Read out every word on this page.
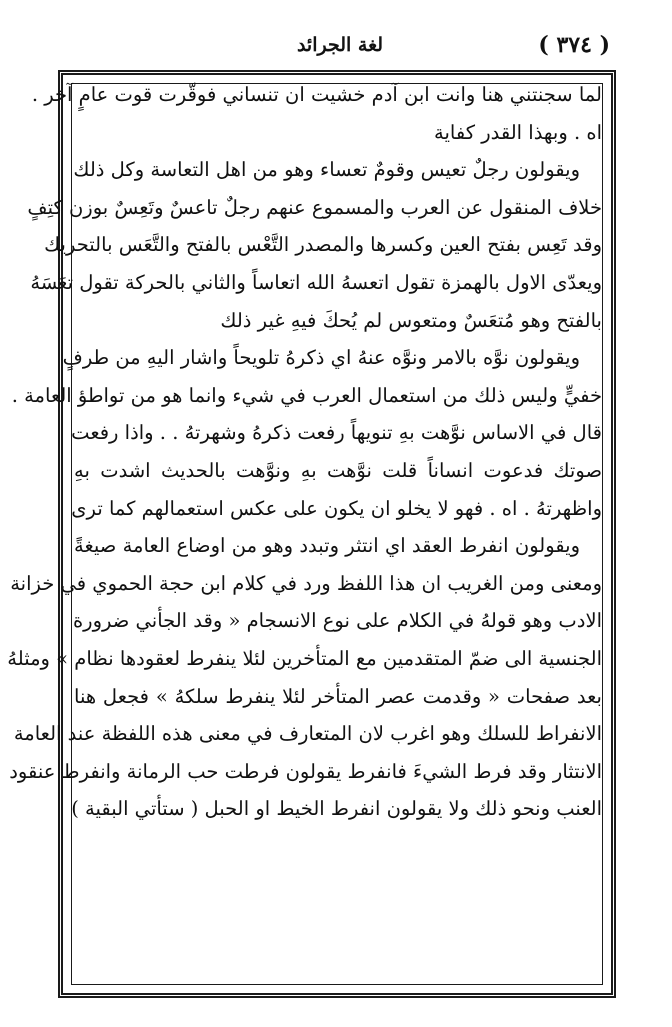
( ٣٧٤ )
لغة الجرائد
لما سجنتني هنا وانت ابن آدم خشيت ان تنساني فوقّرت قوت عامٍ آخر .
اه . وبهذا القدر كفاية
ويقولون رجلٌ تعيس وقومٌ تعساء وهو من اهل التعاسة وكل ذلك
خلاف المنقول عن العرب والمسموع عنهم رجلٌ تاعسٌ وتَعِسٌ بوزن كتِفٍ
وقد تَعِس بفتح العين وكسرها والمصدر التَّعْس بالفتح والتَّعَس بالتحريك
ويعدّى الاول بالهمزة تقول اتعسهُ الله اتعاساً والثاني بالحركة تقول تعَسَهُ
بالفتح وهو مُتعَسٌ ومتعوس لم يُحكَ فيهِ غير ذلك
ويقولون نوَّه بالامر ونوَّه عنهُ اي ذكرهُ تلويحاً واشار اليهِ من طرفٍ
خفيٍّ وليس ذلك من استعمال العرب في شيء وانما هو من تواطؤ العامة .
قال في الاساس نوَّهت بهِ تنويهاً رفعت ذكرهُ وشهرتهُ . . واذا رفعت
صوتك فدعوت انساناً قلت نوَّهت بهِ ونوَّهت بالحديث اشدت بهِ
واظهرتهُ . اه . فهو لا يخلو ان يكون على عكس استعمالهم كما ترى
ويقولون انفرط العقد اي انتثر وتبدد وهو من اوضاع العامة صيغةً
ومعنى ومن الغريب ان هذا اللفظ ورد في كلام ابن حجة الحموي في خزانة
الادب وهو قولهُ في الكلام على نوع الانسجام « وقد الجأني ضرورة
الجنسية الى ضمّ المتقدمين مع المتأخرين لئلا ينفرط لعقودها نظام » ومثلهُ
بعد صفحات « وقدمت عصر المتأخر لئلا ينفرط سلكهُ » فجعل هنا
الانفراط للسلك وهو اغرب لان المتعارف في معنى هذه اللفظة عند العامة
الانتثار وقد فرط الشيءَ فانفرط يقولون فرطت حب الرمانة وانفرط عنقود
العنب ونحو ذلك ولا يقولون انفرط الخيط او الحبل ( ستأتي البقية )
